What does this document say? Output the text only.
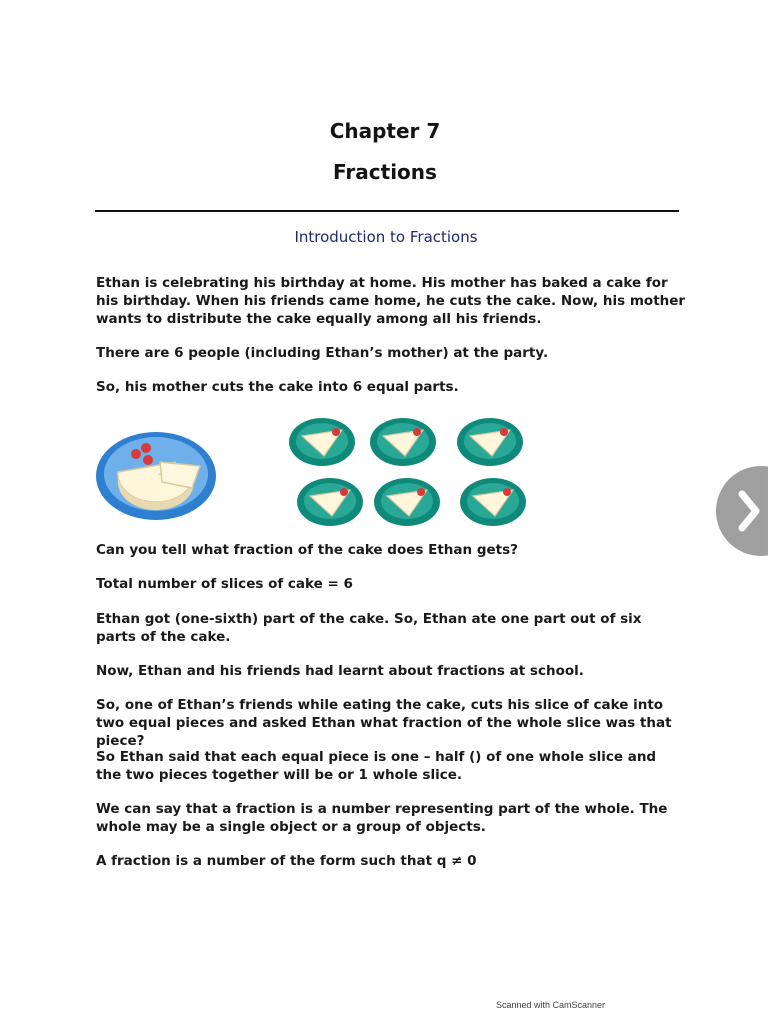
Chapter 7
Fractions
Introduction to Fractions
Ethan is celebrating his birthday at home. His mother has baked a cake for his birthday. When his friends came home, he cuts the cake. Now, his mother wants to distribute the cake equally among all his friends.
There are 6 people (including Ethan’s mother) at the party.
So, his mother cuts the cake into 6 equal parts.
Can you tell what fraction of the cake does Ethan gets?
Total number of slices of cake = 6
Ethan got (one-sixth) part of the cake. So, Ethan ate one part out of six parts of the cake.
Now, Ethan and his friends had learnt about fractions at school.
So, one of Ethan’s friends while eating the cake, cuts his slice of cake into two equal pieces and asked Ethan what fraction of the whole slice was that piece?
So Ethan said that each equal piece is one – half () of one whole slice and the two pieces together will be or 1 whole slice.
We can say that a fraction is a number representing part of the whole. The whole may be a single object or a group of objects.
A fraction is a number of the form such that q ≠ 0
Scanned with CamScanner
